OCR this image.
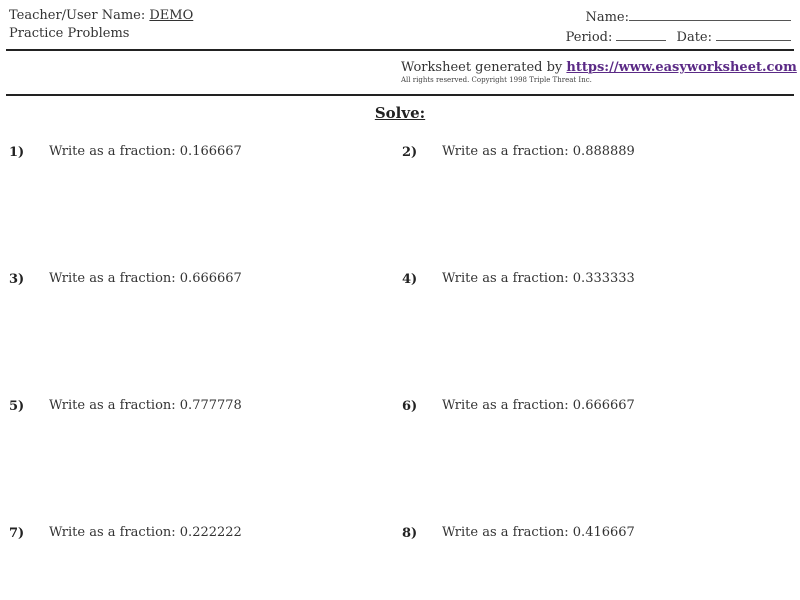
Teacher/User Name: DEMO
Practice Problems
Name:
Period:	Date:
Worksheet generated by https://www.easyworksheet.com
All rights reserved. Copyright 1998 Triple Threat Inc.
Solve:
1) Write as a fraction: 0.166667	2) Write as a fraction: 0.888889
3) Write as a fraction: 0.666667	4) Write as a fraction: 0.333333
5) Write as a fraction: 0.777778	6) Write as a fraction: 0.666667
7) Write as a fraction: 0.222222	8) Write as a fraction: 0.416667
